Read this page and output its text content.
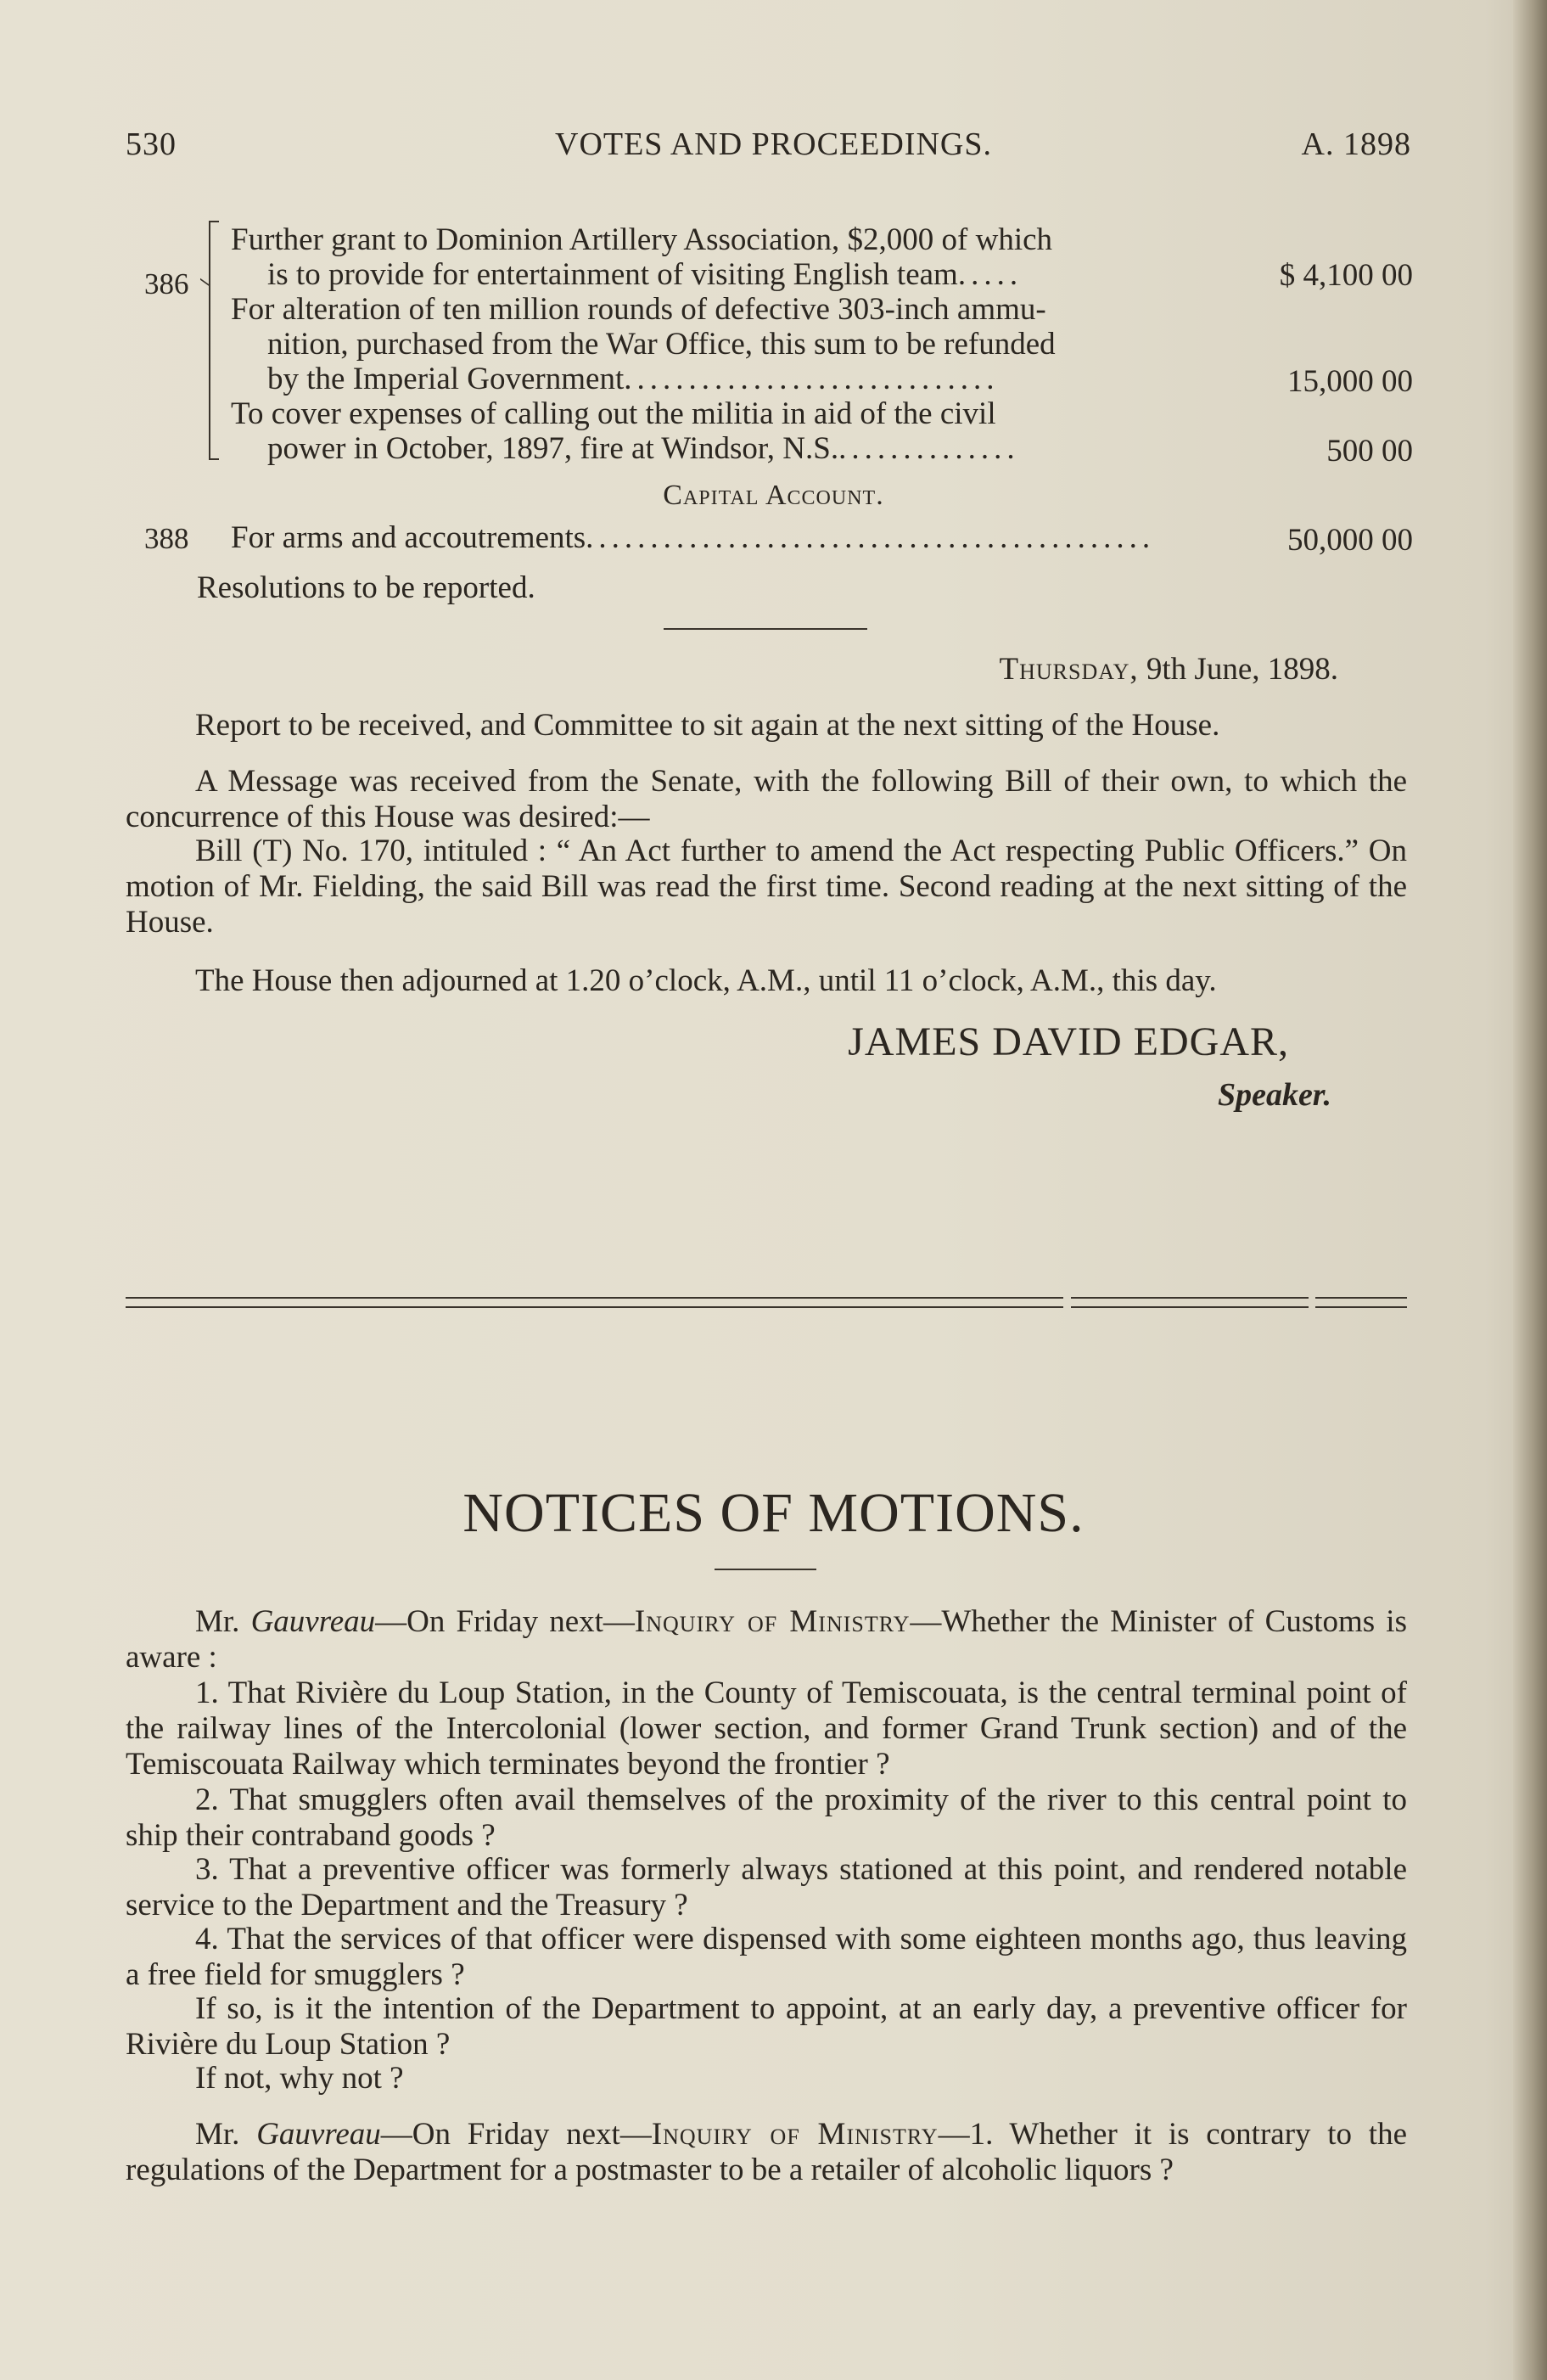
530	VOTES AND PROCEEDINGS.	A. 1898
386
Further grant to Dominion Artillery Association, $2,000 of which
is to provide for entertainment of visiting English team.....	$ 4,100 00
For alteration of ten million rounds of defective 303-inch ammu-
nition, purchased from the War Office, this sum to be refunded
by the Imperial Government.............................	15,000 00
To cover expenses of calling out the militia in aid of the civil
power in October, 1897, fire at Windsor, N.S...............	500 00
Capital Account.
388 For arms and accoutrements............................................	50,000 00
Resolutions to be reported.
Thursday, 9th June, 1898.
Report to be received, and Committee to sit again at the next sitting of the House.
A Message was received from the Senate, with the following Bill of their own, to which the concurrence of this House was desired:—
Bill (T) No. 170, intituled : “ An Act further to amend the Act respecting Public Officers.” On motion of Mr. Fielding, the said Bill was read the first time. Second reading at the next sitting of the House.
The House then adjourned at 1.20 o’clock, A.M., until 11 o’clock, A.M., this day.
JAMES DAVID EDGAR,
Speaker.
NOTICES OF MOTIONS.
Mr. Gauvreau—On Friday next—Inquiry of Ministry—Whether the Minister of Customs is aware :
1. That Rivière du Loup Station, in the County of Temiscouata, is the central terminal point of the railway lines of the Intercolonial (lower section, and former Grand Trunk section) and of the Temiscouata Railway which terminates beyond the frontier ?
2. That smugglers often avail themselves of the proximity of the river to this central point to ship their contraband goods ?
3. That a preventive officer was formerly always stationed at this point, and rendered notable service to the Department and the Treasury ?
4. That the services of that officer were dispensed with some eighteen months ago, thus leaving a free field for smugglers ?
If so, is it the intention of the Department to appoint, at an early day, a preventive officer for Rivière du Loup Station ?
If not, why not ?
Mr. Gauvreau—On Friday next—Inquiry of Ministry—1. Whether it is contrary to the regulations of the Department for a postmaster to be a retailer of alcoholic liquors ?
